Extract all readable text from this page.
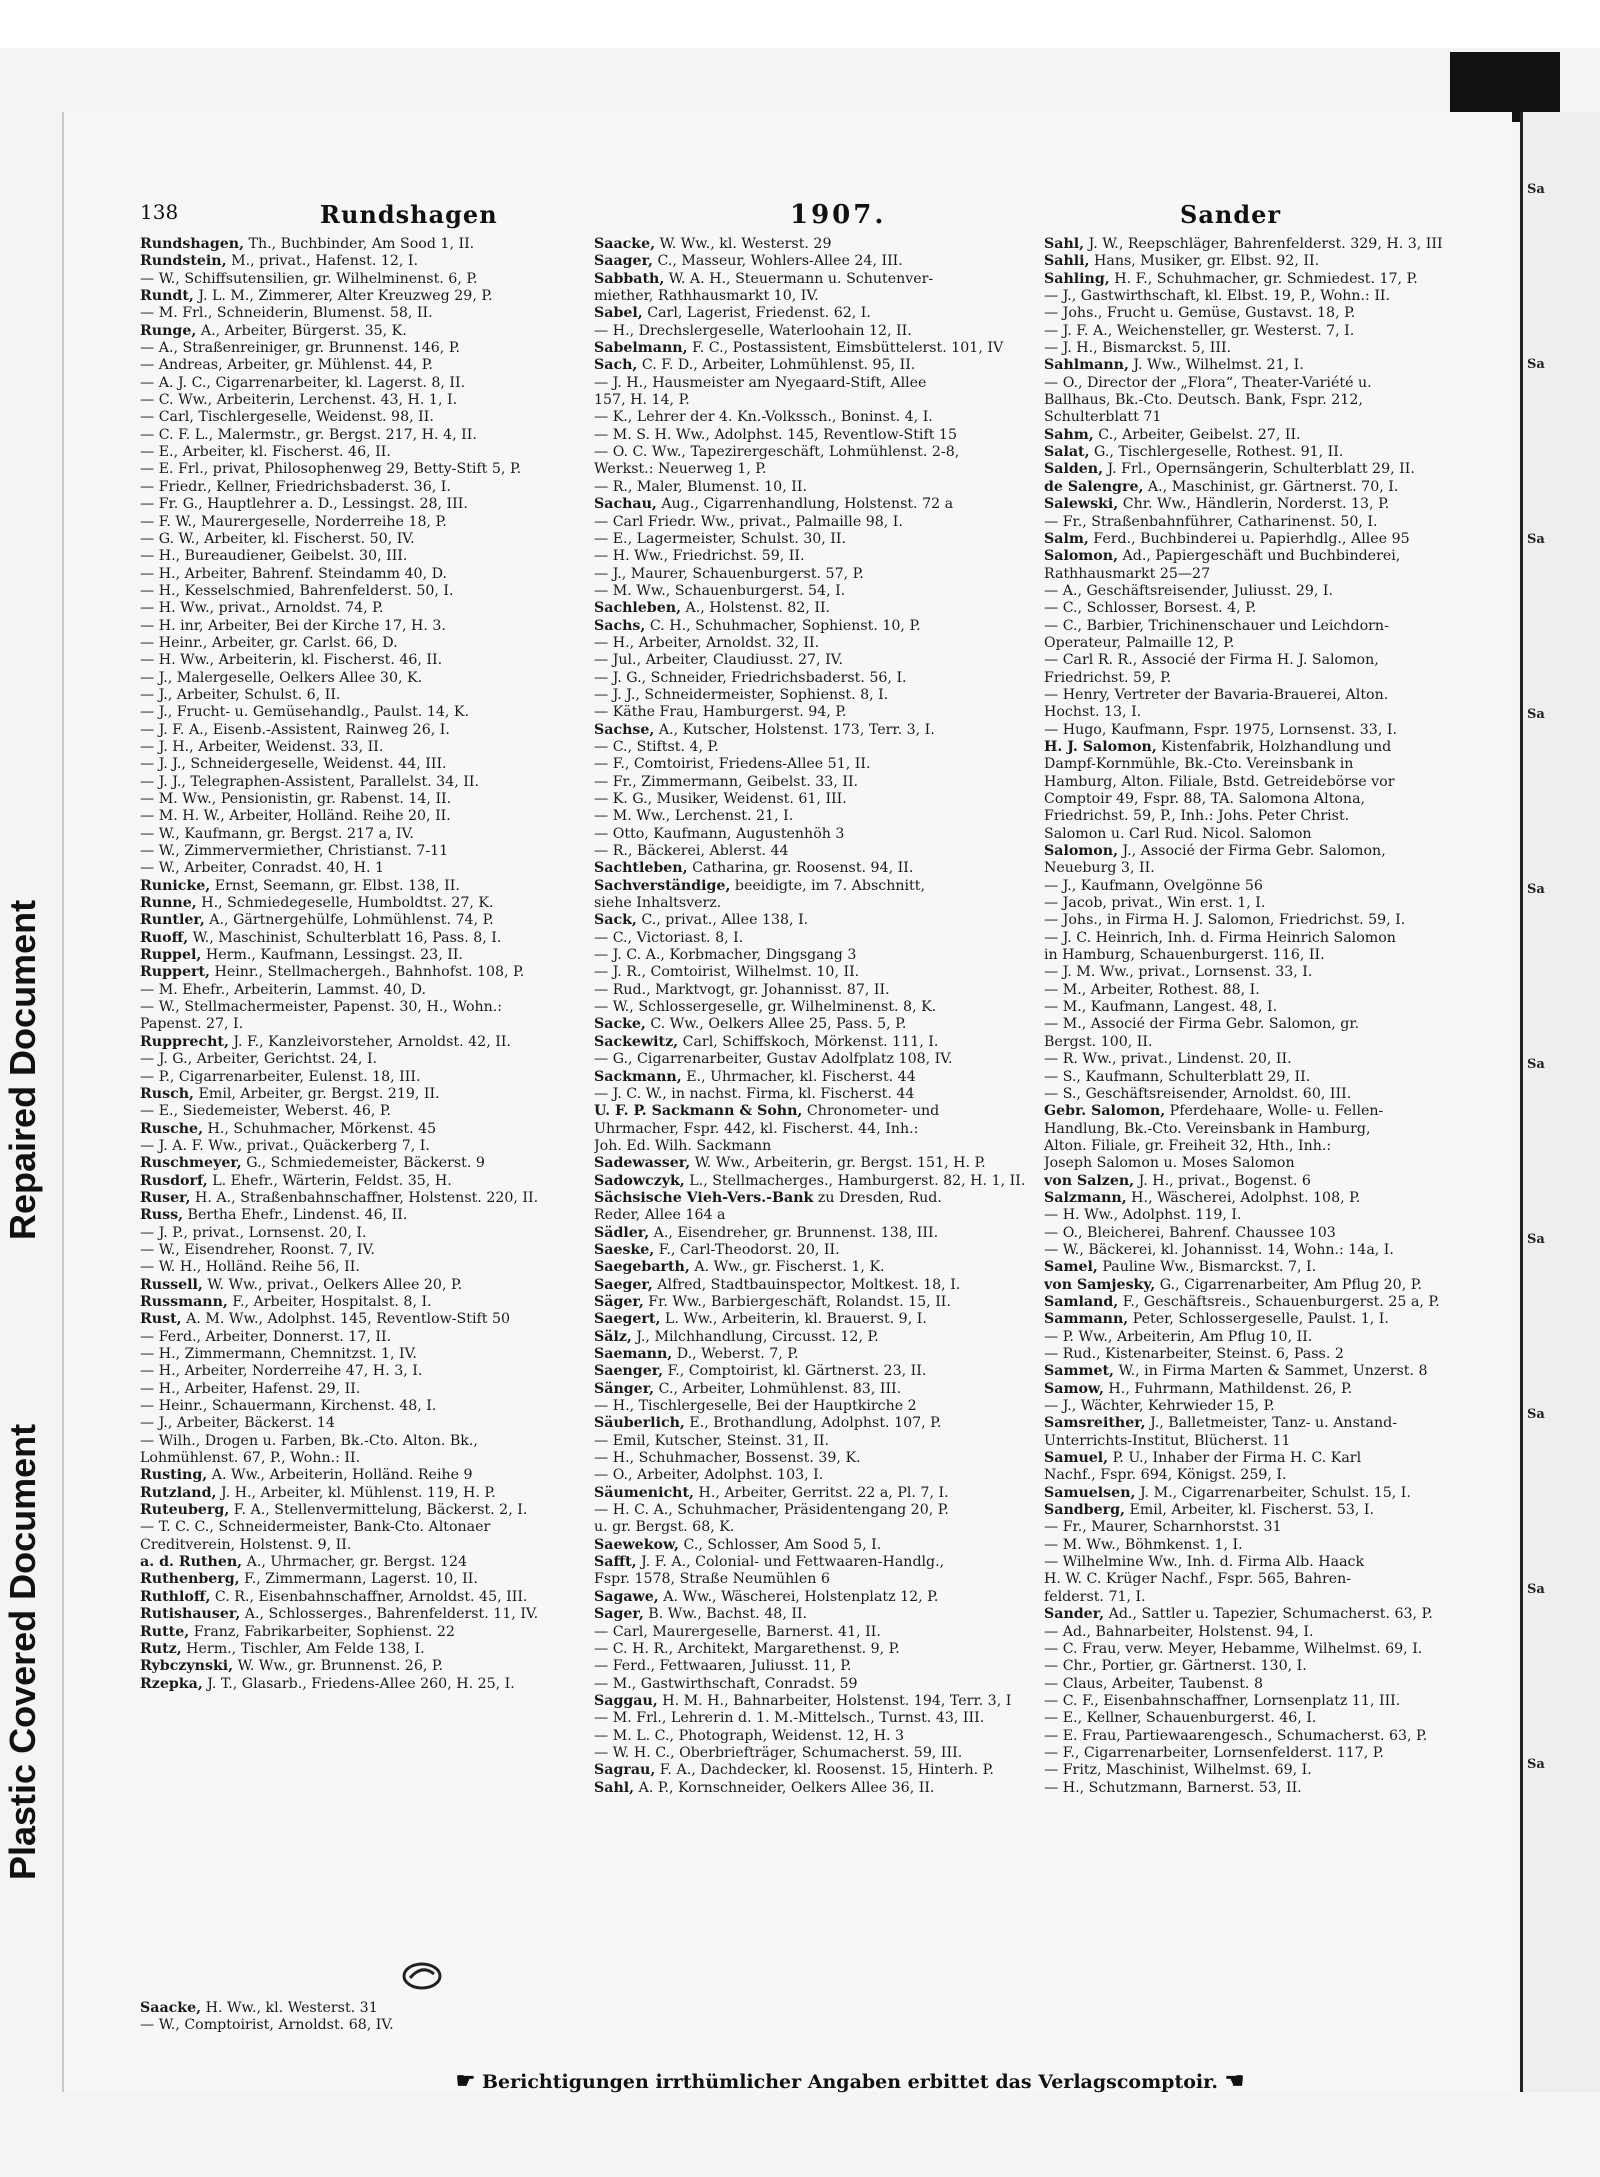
Repaired Document
Plastic Covered Document
Sa
Sa
Sa
Sa
Sa
Sa
Sa
Sa
Sa
Sa
138	Rundshagen	1907.	Sander
Rundshagen, Th., Buchbinder, Am Sood 1, II.
Rundstein, M., privat., Hafenst. 12, I.
— W., Schiffsutensilien, gr. Wilhelminenst. 6, P.
Rundt, J. L. M., Zimmerer, Alter Kreuzweg 29, P.
— M. Frl., Schneiderin, Blumenst. 58, II.
Runge, A., Arbeiter, Bürgerst. 35, K.
— A., Straßenreiniger, gr. Brunnenst. 146, P.
— Andreas, Arbeiter, gr. Mühlenst. 44, P.
— A. J. C., Cigarrenarbeiter, kl. Lagerst. 8, II.
— C. Ww., Arbeiterin, Lerchenst. 43, H. 1, I.
— Carl, Tischlergeselle, Weidenst. 98, II.
— C. F. L., Malermstr., gr. Bergst. 217, H. 4, II.
— E., Arbeiter, kl. Fischerst. 46, II.
— E. Frl., privat, Philosophenweg 29, Betty-Stift 5, P.
— Friedr., Kellner, Friedrichsbaderst. 36, I.
— Fr. G., Hauptlehrer a. D., Lessingst. 28, III.
— F. W., Maurergeselle, Norderreihe 18, P.
— G. W., Arbeiter, kl. Fischerst. 50, IV.
— H., Bureaudiener, Geibelst. 30, III.
— H., Arbeiter, Bahrenf. Steindamm 40, D.
— H., Kesselschmied, Bahrenfelderst. 50, I.
— H. Ww., privat., Arnoldst. 74, P.
— H. inr, Arbeiter, Bei der Kirche 17, H. 3.
— Heinr., Arbeiter, gr. Carlst. 66, D.
— H. Ww., Arbeiterin, kl. Fischerst. 46, II.
— J., Malergeselle, Oelkers Allee 30, K.
— J., Arbeiter, Schulst. 6, II.
— J., Frucht- u. Gemüsehandlg., Paulst. 14, K.
— J. F. A., Eisenb.-Assistent, Rainweg 26, I.
— J. H., Arbeiter, Weidenst. 33, II.
— J. J., Schneidergeselle, Weidenst. 44, III.
— J. J., Telegraphen-Assistent, Parallelst. 34, II.
— M. Ww., Pensionistin, gr. Rabenst. 14, II.
— M. H. W., Arbeiter, Holländ. Reihe 20, II.
— W., Kaufmann, gr. Bergst. 217 a, IV.
— W., Zimmervermiether, Christianst. 7-11
— W., Arbeiter, Conradst. 40, H. 1
Runicke, Ernst, Seemann, gr. Elbst. 138, II.
Runne, H., Schmiedegeselle, Humboldtst. 27, K.
Runtler, A., Gärtnergehülfe, Lohmühlenst. 74, P.
Ruoff, W., Maschinist, Schulterblatt 16, Pass. 8, I.
Ruppel, Herm., Kaufmann, Lessingst. 23, II.
Ruppert, Heinr., Stellmachergeh., Bahnhofst. 108, P.
— M. Ehefr., Arbeiterin, Lammst. 40, D.
— W., Stellmachermeister, Papenst. 30, H., Wohn.:
Papenst. 27, I.
Rupprecht, J. F., Kanzleivorsteher, Arnoldst. 42, II.
— J. G., Arbeiter, Gerichtst. 24, I.
— P., Cigarrenarbeiter, Eulenst. 18, III.
Rusch, Emil, Arbeiter, gr. Bergst. 219, II.
— E., Siedemeister, Weberst. 46, P.
Rusche, H., Schuhmacher, Mörkenst. 45
— J. A. F. Ww., privat., Quäckerberg 7, I.
Ruschmeyer, G., Schmiedemeister, Bäckerst. 9
Rusdorf, L. Ehefr., Wärterin, Feldst. 35, H.
Ruser, H. A., Straßenbahnschaffner, Holstenst. 220, II.
Russ, Bertha Ehefr., Lindenst. 46, II.
— J. P., privat., Lornsenst. 20, I.
— W., Eisendreher, Roonst. 7, IV.
— W. H., Holländ. Reihe 56, II.
Russell, W. Ww., privat., Oelkers Allee 20, P.
Russmann, F., Arbeiter, Hospitalst. 8, I.
Rust, A. M. Ww., Adolphst. 145, Reventlow-Stift 50
— Ferd., Arbeiter, Donnerst. 17, II.
— H., Zimmermann, Chemnitzst. 1, IV.
— H., Arbeiter, Norderreihe 47, H. 3, I.
— H., Arbeiter, Hafenst. 29, II.
— Heinr., Schauermann, Kirchenst. 48, I.
— J., Arbeiter, Bäckerst. 14
— Wilh., Drogen u. Farben, Bk.-Cto. Alton. Bk.,
Lohmühlenst. 67, P., Wohn.: II.
Rusting, A. Ww., Arbeiterin, Holländ. Reihe 9
Rutzland, J. H., Arbeiter, kl. Mühlenst. 119, H. P.
Ruteuberg, F. A., Stellenvermittelung, Bäckerst. 2, I.
— T. C. C., Schneidermeister, Bank-Cto. Altonaer
Creditverein, Holstenst. 9, II.
a. d. Ruthen, A., Uhrmacher, gr. Bergst. 124
Ruthenberg, F., Zimmermann, Lagerst. 10, II.
Ruthloff, C. R., Eisenbahnschaffner, Arnoldst. 45, III.
Rutishauser, A., Schlosserges., Bahrenfelderst. 11, IV.
Rutte, Franz, Fabrikarbeiter, Sophienst. 22
Rutz, Herm., Tischler, Am Felde 138, I.
Rybczynski, W. Ww., gr. Brunnenst. 26, P.
Rzepka, J. T., Glasarb., Friedens-Allee 260, H. 25, I.
Saacke, W. Ww., kl. Westerst. 29
Saager, C., Masseur, Wohlers-Allee 24, III.
Sabbath, W. A. H., Steuermann u. Schutenver-
miether, Rathhausmarkt 10, IV.
Sabel, Carl, Lagerist, Friedenst. 62, I.
— H., Drechslergeselle, Waterloohain 12, II.
Sabelmann, F. C., Postassistent, Eimsbüttelerst. 101, IV
Sach, C. F. D., Arbeiter, Lohmühlenst. 95, II.
— J. H., Hausmeister am Nyegaard-Stift, Allee
157, H. 14, P.
— K., Lehrer der 4. Kn.-Volkssch., Boninst. 4, I.
— M. S. H. Ww., Adolphst. 145, Reventlow-Stift 15
— O. C. Ww., Tapezirergeschäft, Lohmühlenst. 2-8,
Werkst.: Neuerweg 1, P.
— R., Maler, Blumenst. 10, II.
Sachau, Aug., Cigarrenhandlung, Holstenst. 72 a
— Carl Friedr. Ww., privat., Palmaille 98, I.
— E., Lagermeister, Schulst. 30, II.
— H. Ww., Friedrichst. 59, II.
— J., Maurer, Schauenburgerst. 57, P.
— M. Ww., Schauenburgerst. 54, I.
Sachleben, A., Holstenst. 82, II.
Sachs, C. H., Schuhmacher, Sophienst. 10, P.
— H., Arbeiter, Arnoldst. 32, II.
— Jul., Arbeiter, Claudiusst. 27, IV.
— J. G., Schneider, Friedrichsbaderst. 56, I.
— J. J., Schneidermeister, Sophienst. 8, I.
— Käthe Frau, Hamburgerst. 94, P.
Sachse, A., Kutscher, Holstenst. 173, Terr. 3, I.
— C., Stiftst. 4, P.
— F., Comtoirist, Friedens-Allee 51, II.
— Fr., Zimmermann, Geibelst. 33, II.
— K. G., Musiker, Weidenst. 61, III.
— M. Ww., Lerchenst. 21, I.
— Otto, Kaufmann, Augustenhöh 3
— R., Bäckerei, Ablerst. 44
Sachtleben, Catharina, gr. Roosenst. 94, II.
Sachverständige, beeidigte, im 7. Abschnitt,
siehe Inhaltsverz.
Sack, C., privat., Allee 138, I.
— C., Victoriast. 8, I.
— J. C. A., Korbmacher, Dingsgang 3
— J. R., Comtoirist, Wilhelmst. 10, II.
— Rud., Marktvogt, gr. Johannisst. 87, II.
— W., Schlossergeselle, gr. Wilhelminenst. 8, K.
Sacke, C. Ww., Oelkers Allee 25, Pass. 5, P.
Sackewitz, Carl, Schiffskoch, Mörkenst. 111, I.
— G., Cigarrenarbeiter, Gustav Adolfplatz 108, IV.
Sackmann, E., Uhrmacher, kl. Fischerst. 44
— J. C. W., in nachst. Firma, kl. Fischerst. 44
U. F. P. Sackmann & Sohn, Chronometer- und
Uhrmacher, Fspr. 442, kl. Fischerst. 44, Inh.:
Joh. Ed. Wilh. Sackmann
Sadewasser, W. Ww., Arbeiterin, gr. Bergst. 151, H. P.
Sadowczyk, L., Stellmacherges., Hamburgerst. 82, H. 1, II.
Sächsische Vieh-Vers.-Bank zu Dresden, Rud.
Reder, Allee 164 a
Sädler, A., Eisendreher, gr. Brunnenst. 138, III.
Saeske, F., Carl-Theodorst. 20, II.
Saegebarth, A. Ww., gr. Fischerst. 1, K.
Saeger, Alfred, Stadtbauinspector, Moltkest. 18, I.
Säger, Fr. Ww., Barbiergeschäft, Rolandst. 15, II.
Saegert, L. Ww., Arbeiterin, kl. Brauerst. 9, I.
Sälz, J., Milchhandlung, Circusst. 12, P.
Saemann, D., Weberst. 7, P.
Saenger, F., Comptoirist, kl. Gärtnerst. 23, II.
Sänger, C., Arbeiter, Lohmühlenst. 83, III.
— H., Tischlergeselle, Bei der Hauptkirche 2
Säuberlich, E., Brothandlung, Adolphst. 107, P.
— Emil, Kutscher, Steinst. 31, II.
— H., Schuhmacher, Bossenst. 39, K.
— O., Arbeiter, Adolphst. 103, I.
Säumenicht, H., Arbeiter, Gerritst. 22 a, Pl. 7, I.
— H. C. A., Schuhmacher, Präsidentengang 20, P.
u. gr. Bergst. 68, K.
Saewekow, C., Schlosser, Am Sood 5, I.
Safft, J. F. A., Colonial- und Fettwaaren-Handlg.,
Fspr. 1578, Straße Neumühlen 6
Sagawe, A. Ww., Wäscherei, Holstenplatz 12, P.
Sager, B. Ww., Bachst. 48, II.
— Carl, Maurergeselle, Barnerst. 41, II.
— C. H. R., Architekt, Margarethenst. 9, P.
— Ferd., Fettwaaren, Juliusst. 11, P.
— M., Gastwirthschaft, Conradst. 59
Saggau, H. M. H., Bahnarbeiter, Holstenst. 194, Terr. 3, I
— M. Frl., Lehrerin d. 1. M.-Mittelsch., Turnst. 43, III.
— M. L. C., Photograph, Weidenst. 12, H. 3
— W. H. C., Oberbriefträger, Schumacherst. 59, III.
Sagrau, F. A., Dachdecker, kl. Roosenst. 15, Hinterh. P.
Sahl, A. P., Kornschneider, Oelkers Allee 36, II.
Sahl, J. W., Reepschläger, Bahrenfelderst. 329, H. 3, III
Sahli, Hans, Musiker, gr. Elbst. 92, II.
Sahling, H. F., Schuhmacher, gr. Schmiedest. 17, P.
— J., Gastwirthschaft, kl. Elbst. 19, P., Wohn.: II.
— Johs., Frucht u. Gemüse, Gustavst. 18, P.
— J. F. A., Weichensteller, gr. Westerst. 7, I.
— J. H., Bismarckst. 5, III.
Sahlmann, J. Ww., Wilhelmst. 21, I.
— O., Director der „Flora“, Theater-Variété u.
Ballhaus, Bk.-Cto. Deutsch. Bank, Fspr. 212,
Schulterblatt 71
Sahm, C., Arbeiter, Geibelst. 27, II.
Salat, G., Tischlergeselle, Rothest. 91, II.
Salden, J. Frl., Opernsängerin, Schulterblatt 29, II.
de Salengre, A., Maschinist, gr. Gärtnerst. 70, I.
Salewski, Chr. Ww., Händlerin, Norderst. 13, P.
— Fr., Straßenbahnführer, Catharinenst. 50, I.
Salm, Ferd., Buchbinderei u. Papierhdlg., Allee 95
Salomon, Ad., Papiergeschäft und Buchbinderei,
Rathhausmarkt 25—27
— A., Geschäftsreisender, Juliusst. 29, I.
— C., Schlosser, Borsest. 4, P.
— C., Barbier, Trichinenschauer und Leichdorn-
Operateur, Palmaille 12, P.
— Carl R. R., Associé der Firma H. J. Salomon,
Friedrichst. 59, P.
— Henry, Vertreter der Bavaria-Brauerei, Alton.
Hochst. 13, I.
— Hugo, Kaufmann, Fspr. 1975, Lornsenst. 33, I.
H. J. Salomon, Kistenfabrik, Holzhandlung und
Dampf-Kornmühle, Bk.-Cto. Vereinsbank in
Hamburg, Alton. Filiale, Bstd. Getreidebörse vor
Comptoir 49, Fspr. 88, TA. Salomona Altona,
Friedrichst. 59, P., Inh.: Johs. Peter Christ.
Salomon u. Carl Rud. Nicol. Salomon
Salomon, J., Associé der Firma Gebr. Salomon,
Neueburg 3, II.
— J., Kaufmann, Ovelgönne 56
— Jacob, privat., Win erst. 1, I.
— Johs., in Firma H. J. Salomon, Friedrichst. 59, I.
— J. C. Heinrich, Inh. d. Firma Heinrich Salomon
in Hamburg, Schauenburgerst. 116, II.
— J. M. Ww., privat., Lornsenst. 33, I.
— M., Arbeiter, Rothest. 88, I.
— M., Kaufmann, Langest. 48, I.
— M., Associé der Firma Gebr. Salomon, gr.
Bergst. 100, II.
— R. Ww., privat., Lindenst. 20, II.
— S., Kaufmann, Schulterblatt 29, II.
— S., Geschäftsreisender, Arnoldst. 60, III.
Gebr. Salomon, Pferdehaare, Wolle- u. Fellen-
Handlung, Bk.-Cto. Vereinsbank in Hamburg,
Alton. Filiale, gr. Freiheit 32, Hth., Inh.:
Joseph Salomon u. Moses Salomon
von Salzen, J. H., privat., Bogenst. 6
Salzmann, H., Wäscherei, Adolphst. 108, P.
— H. Ww., Adolphst. 119, I.
— O., Bleicherei, Bahrenf. Chaussee 103
— W., Bäckerei, kl. Johannisst. 14, Wohn.: 14a, I.
Samel, Pauline Ww., Bismarckst. 7, I.
von Samjesky, G., Cigarrenarbeiter, Am Pflug 20, P.
Samland, F., Geschäftsreis., Schauenburgerst. 25 a, P.
Sammann, Peter, Schlossergeselle, Paulst. 1, I.
— P. Ww., Arbeiterin, Am Pflug 10, II.
— Rud., Kistenarbeiter, Steinst. 6, Pass. 2
Sammet, W., in Firma Marten & Sammet, Unzerst. 8
Samow, H., Fuhrmann, Mathildenst. 26, P.
— J., Wächter, Kehrwieder 15, P.
Samsreither, J., Balletmeister, Tanz- u. Anstand-
Unterrichts-Institut, Blücherst. 11
Samuel, P. U., Inhaber der Firma H. C. Karl
Nachf., Fspr. 694, Königst. 259, I.
Samuelsen, J. M., Cigarrenarbeiter, Schulst. 15, I.
Sandberg, Emil, Arbeiter, kl. Fischerst. 53, I.
— Fr., Maurer, Scharnhorstst. 31
— M. Ww., Böhmkenst. 1, I.
— Wilhelmine Ww., Inh. d. Firma Alb. Haack
H. W. C. Krüger Nachf., Fspr. 565, Bahren-
felderst. 71, I.
Sander, Ad., Sattler u. Tapezier, Schumacherst. 63, P.
— Ad., Bahnarbeiter, Holstenst. 94, I.
— C. Frau, verw. Meyer, Hebamme, Wilhelmst. 69, I.
— Chr., Portier, gr. Gärtnerst. 130, I.
— Claus, Arbeiter, Taubenst. 8
— C. F., Eisenbahnschaffner, Lornsenplatz 11, III.
— E., Kellner, Schauenburgerst. 46, I.
— E. Frau, Partiewaarengesch., Schumacherst. 63, P.
— F., Cigarrenarbeiter, Lornsenfelderst. 117, P.
— Fritz, Maschinist, Wilhelmst. 69, I.
— H., Schutzmann, Barnerst. 53, II.
Saacke, H. Ww., kl. Westerst. 31
— W., Comptoirist, Arnoldst. 68, IV.
☛ Berichtigungen irrthümlicher Angaben erbittet das Verlagscomptoir. ☚
